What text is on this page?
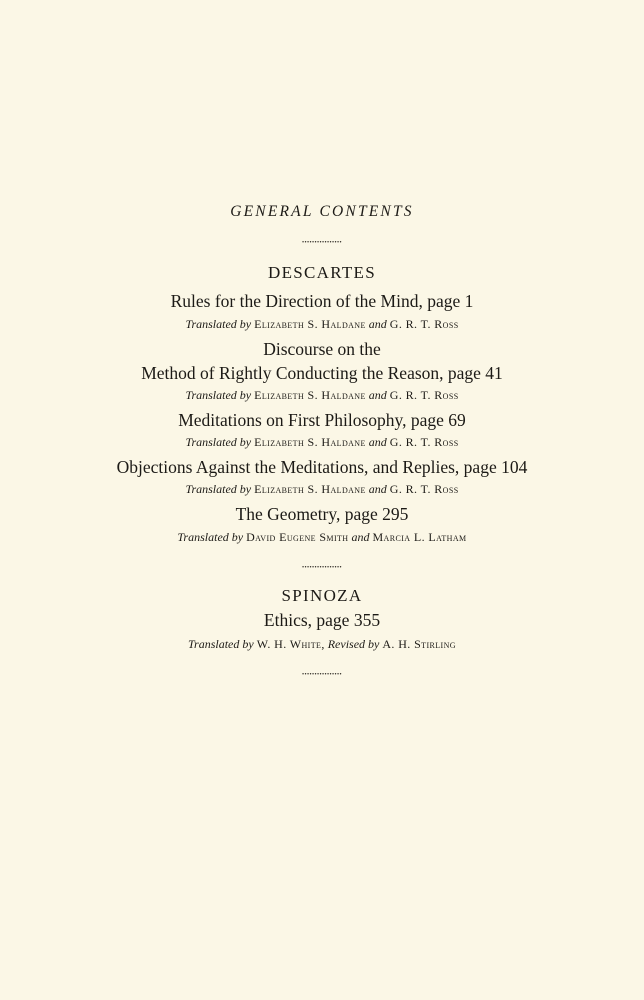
GENERAL CONTENTS
••••••••••••••••
DESCARTES
Rules for the Direction of the Mind, page 1
Translated by Elizabeth S. Haldane and G. R. T. Ross
Discourse on the
Method of Rightly Conducting the Reason, page 41
Translated by Elizabeth S. Haldane and G. R. T. Ross
Meditations on First Philosophy, page 69
Translated by Elizabeth S. Haldane and G. R. T. Ross
Objections Against the Meditations, and Replies, page 104
Translated by Elizabeth S. Haldane and G. R. T. Ross
The Geometry, page 295
Translated by David Eugene Smith and Marcia L. Latham
••••••••••••••••
SPINOZA
Ethics, page 355
Translated by W. H. White, Revised by A. H. Stirling
••••••••••••••••
